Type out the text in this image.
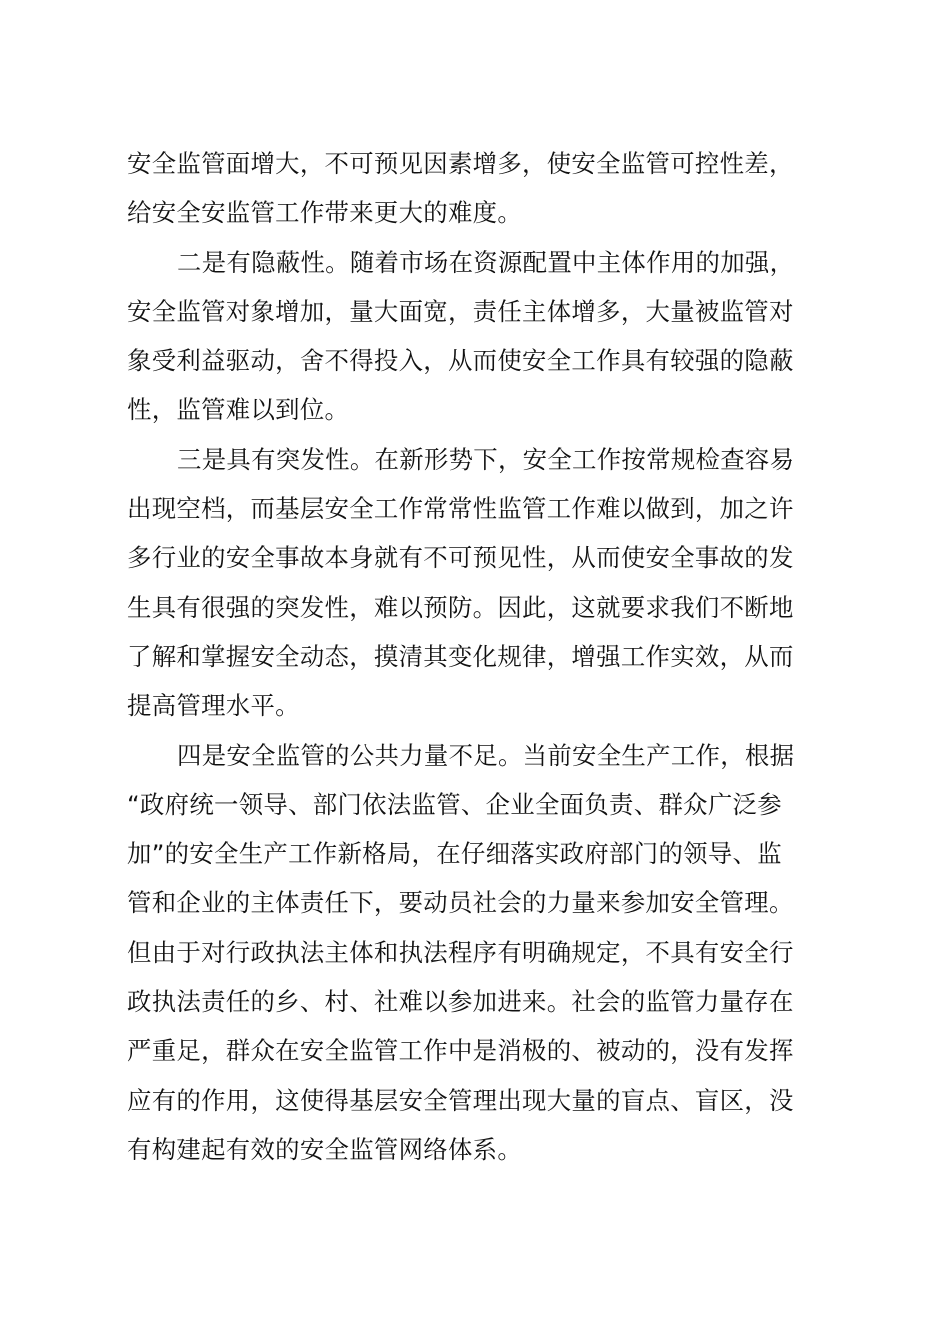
安全监管面增大，不可预见因素增多，使安全监管可控性差，
给安全安监管工作带来更大的难度。
二是有隐蔽性。随着市场在资源配置中主体作用的加强，
安全监管对象增加，量大面宽，责任主体增多，大量被监管对
象受利益驱动，舍不得投入，从而使安全工作具有较强的隐蔽
性，监管难以到位。
三是具有突发性。在新形势下，安全工作按常规检查容易
出现空档，而基层安全工作常常性监管工作难以做到，加之许
多行业的安全事故本身就有不可预见性，从而使安全事故的发
生具有很强的突发性，难以预防。因此，这就要求我们不断地
了解和掌握安全动态，摸清其变化规律，增强工作实效，从而
提高管理水平。
四是安全监管的公共力量不足。当前安全生产工作，根据
“政府统一领导、部门依法监管、企业全面负责、群众广泛参
加”的安全生产工作新格局，在仔细落实政府部门的领导、监
管和企业的主体责任下，要动员社会的力量来参加安全管理。
但由于对行政执法主体和执法程序有明确规定，不具有安全行
政执法责任的乡、村、社难以参加进来。社会的监管力量存在
严重足，群众在安全监管工作中是消极的、被动的，没有发挥
应有的作用，这使得基层安全管理出现大量的盲点、盲区，没
有构建起有效的安全监管网络体系。
